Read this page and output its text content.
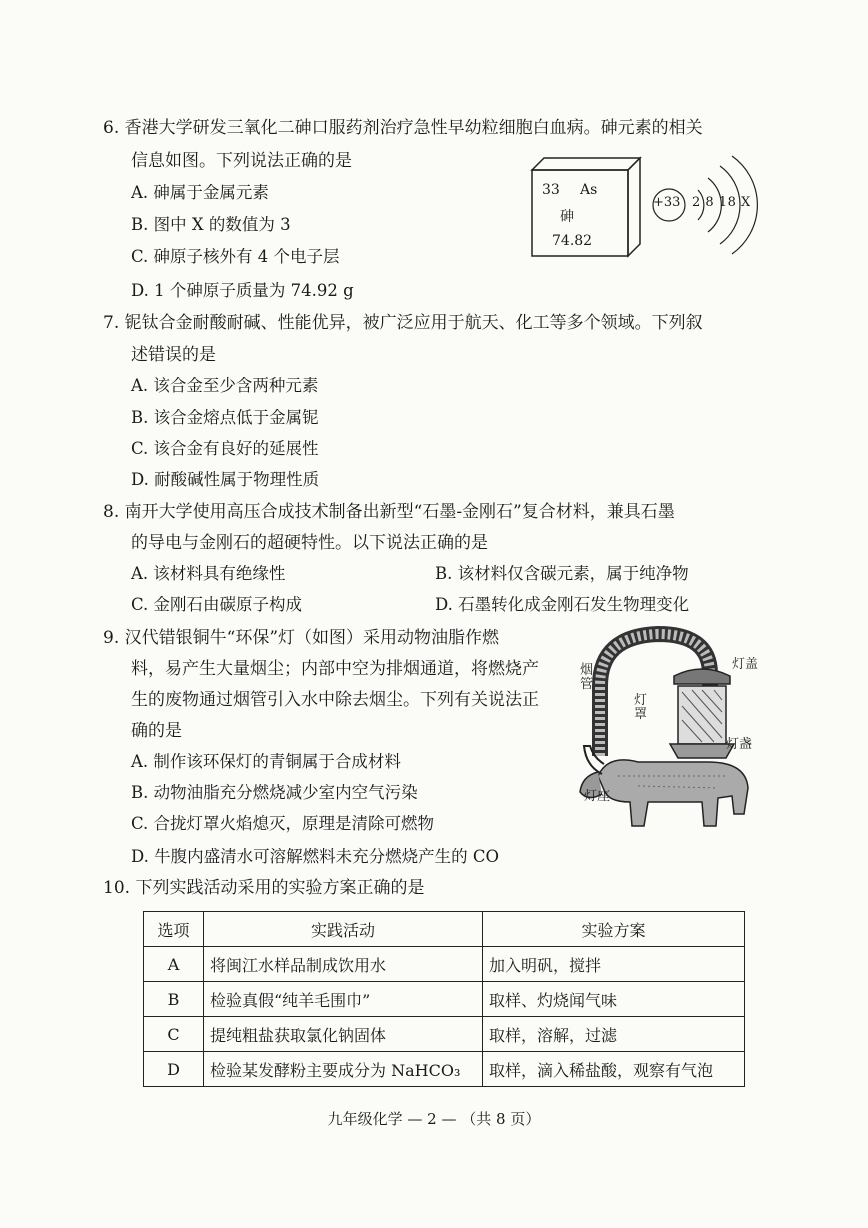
6. 香港大学研发三氧化二砷口服药剂治疗急性早幼粒细胞白血病。砷元素的相关
信息如图。下列说法正确的是
A. 砷属于金属元素
B. 图中 X 的数值为 3
C. 砷原子核外有 4 个电子层
D. 1 个砷原子质量为 74.92 g
33 As
砷
74.82
+33 2 8 18 X
7. 铌钛合金耐酸耐碱、性能优异，被广泛应用于航天、化工等多个领域。下列叙
述错误的是
A. 该合金至少含两种元素
B. 该合金熔点低于金属铌
C. 该合金有良好的延展性
D. 耐酸碱性属于物理性质
8. 南开大学使用高压合成技术制备出新型“石墨-金刚石”复合材料，兼具石墨
的导电与金刚石的超硬特性。以下说法正确的是
A. 该材料具有绝缘性	B. 该材料仅含碳元素，属于纯净物
C. 金刚石由碳原子构成	D. 石墨转化成金刚石发生物理变化
9. 汉代错银铜牛“环保”灯（如图）采用动物油脂作燃
料，易产生大量烟尘；内部中空为排烟通道，将燃烧产
生的废物通过烟管引入水中除去烟尘。下列有关说法正
确的是
A. 制作该环保灯的青铜属于合成材料
B. 动物油脂充分燃烧减少室内空气污染
C. 合拢灯罩火焰熄灭，原理是清除可燃物
D. 牛腹内盛清水可溶解燃料未充分燃烧产生的 CO
烟管
灯盖
灯罩
灯盏
灯座
10. 下列实践活动采用的实验方案正确的是
选项	实践活动	实验方案
A	将闽江水样品制成饮用水	加入明矾，搅拌
B	检验真假“纯羊毛围巾”	取样、灼烧闻气味
C	提纯粗盐获取氯化钠固体	取样，溶解，过滤
D	检验某发酵粉主要成分为 NaHCO₃	取样，滴入稀盐酸，观察有气泡
九年级化学 — 2 — （共 8 页）
